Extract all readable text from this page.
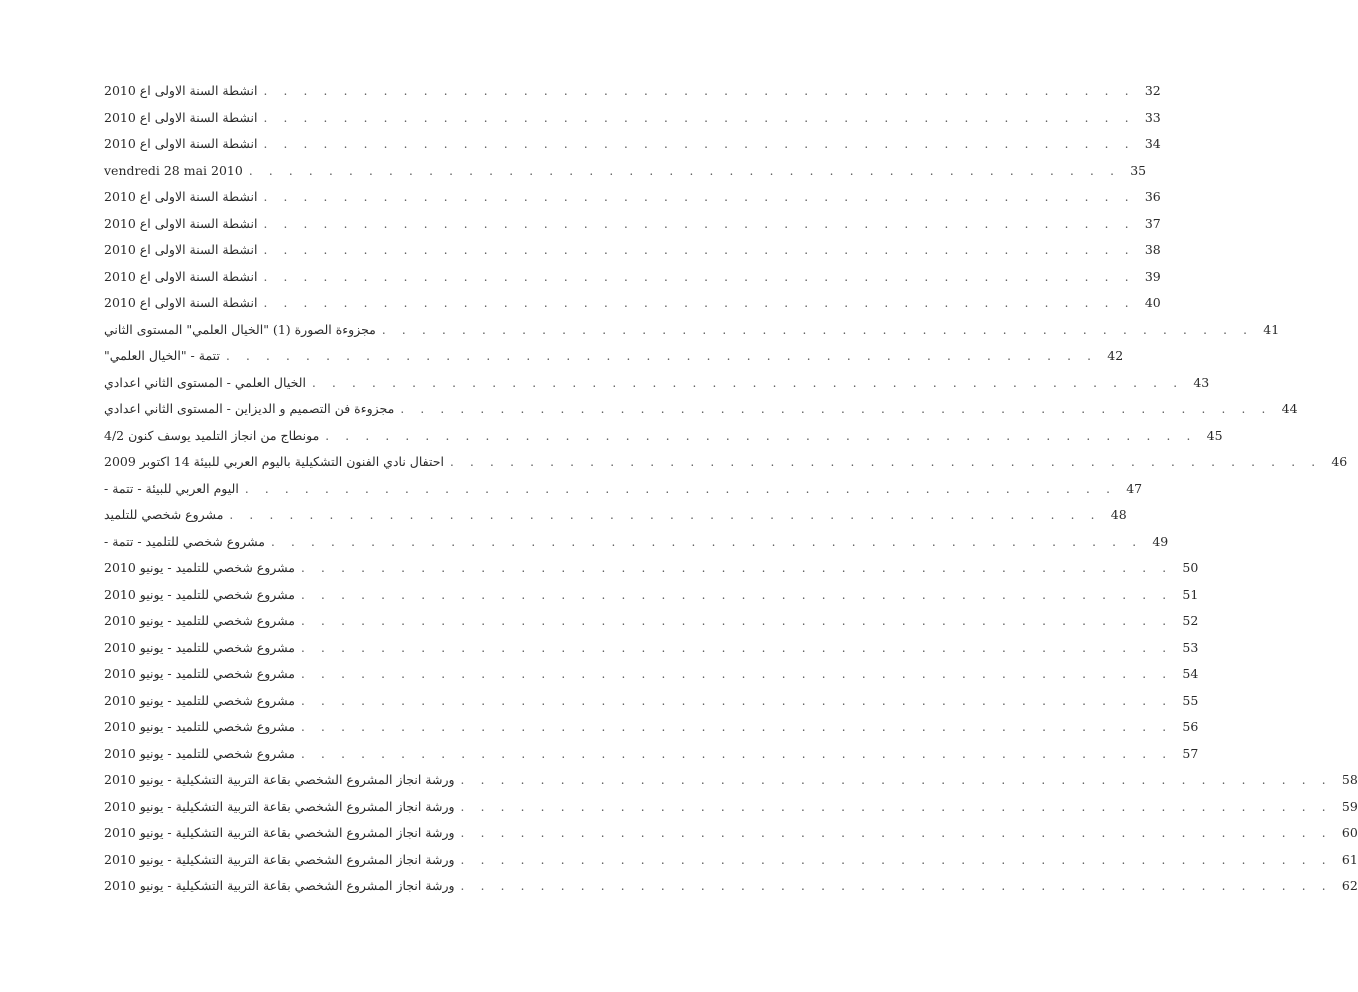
انشطة السنة الاولى اع 2010 . . . . . . . . . . . . . . . . . . . . . . . . . . . . . . . . . . . . . . . . . . . . 32
انشطة السنة الاولى اع 2010 . . . . . . . . . . . . . . . . . . . . . . . . . . . . . . . . . . . . . . . . . . . . 33
انشطة السنة الاولى اع 2010 . . . . . . . . . . . . . . . . . . . . . . . . . . . . . . . . . . . . . . . . . . . . 34
vendredi 28 mai 2010 . . . . . . . . . . . . . . . . . . . . . . . . . . . . . . . . . . . . . . . . . . . . 35
انشطة السنة الاولى اع 2010 . . . . . . . . . . . . . . . . . . . . . . . . . . . . . . . . . . . . . . . . . . . . 36
انشطة السنة الاولى اع 2010 . . . . . . . . . . . . . . . . . . . . . . . . . . . . . . . . . . . . . . . . . . . . 37
انشطة السنة الاولى اع 2010 . . . . . . . . . . . . . . . . . . . . . . . . . . . . . . . . . . . . . . . . . . . . 38
انشطة السنة الاولى اع 2010 . . . . . . . . . . . . . . . . . . . . . . . . . . . . . . . . . . . . . . . . . . . . 39
انشطة السنة الاولى اع 2010 . . . . . . . . . . . . . . . . . . . . . . . . . . . . . . . . . . . . . . . . . . . . 40
مجزوءة الصورة (1) "الخيال العلمي" المستوى الثاني . . . . . . . . . . . . . . . . . . . . . . . . . . . . . . . . . . . . . . . . . . . . 41
تتمة - "الخيال العلمي" . . . . . . . . . . . . . . . . . . . . . . . . . . . . . . . . . . . . . . . . . . . . 42
الخيال العلمي - المستوى الثاني اعدادي . . . . . . . . . . . . . . . . . . . . . . . . . . . . . . . . . . . . . . . . . . . . 43
مجزوءة فن التصميم و الديزاين - المستوى الثاني اعدادي . . . . . . . . . . . . . . . . . . . . . . . . . . . . . . . . . . . . . . . . . . . . 44
مونطاج من انجاز التلميد يوسف كنون 4/2 . . . . . . . . . . . . . . . . . . . . . . . . . . . . . . . . . . . . . . . . . . . . 45
احتفال نادي الفنون التشكيلية باليوم العربي للبيئة 14 اكتوبر 2009 . . . . . . . . . . . . . . . . . . . . . . . . . . . . . . . . . . . . . . . . . . . . 46
اليوم العربي للبيئة - تتمة - . . . . . . . . . . . . . . . . . . . . . . . . . . . . . . . . . . . . . . . . . . . . 47
مشروع شخصي للتلميد . . . . . . . . . . . . . . . . . . . . . . . . . . . . . . . . . . . . . . . . . . . . 48
مشروع شخصي للتلميد - تتمة - . . . . . . . . . . . . . . . . . . . . . . . . . . . . . . . . . . . . . . . . . . . . 49
مشروع شخصي للتلميد - يونيو 2010 . . . . . . . . . . . . . . . . . . . . . . . . . . . . . . . . . . . . . . . . . . . . 50
مشروع شخصي للتلميد - يونيو 2010 . . . . . . . . . . . . . . . . . . . . . . . . . . . . . . . . . . . . . . . . . . . . 51
مشروع شخصي للتلميد - يونيو 2010 . . . . . . . . . . . . . . . . . . . . . . . . . . . . . . . . . . . . . . . . . . . . 52
مشروع شخصي للتلميد - يونيو 2010 . . . . . . . . . . . . . . . . . . . . . . . . . . . . . . . . . . . . . . . . . . . . 53
مشروع شخصي للتلميد - يونيو 2010 . . . . . . . . . . . . . . . . . . . . . . . . . . . . . . . . . . . . . . . . . . . . 54
مشروع شخصي للتلميد - يونيو 2010 . . . . . . . . . . . . . . . . . . . . . . . . . . . . . . . . . . . . . . . . . . . . 55
مشروع شخصي للتلميد - يونيو 2010 . . . . . . . . . . . . . . . . . . . . . . . . . . . . . . . . . . . . . . . . . . . . 56
مشروع شخصي للتلميد - يونيو 2010 . . . . . . . . . . . . . . . . . . . . . . . . . . . . . . . . . . . . . . . . . . . . 57
ورشة انجاز المشروع الشخصي بقاعة التربية التشكيلية - يونيو 2010 . . . . . . . . . . . . . . . . . . . . . . . . . . . . . . . . . . . . . . . . . . . . 58
ورشة انجاز المشروع الشخصي بقاعة التربية التشكيلية - يونيو 2010 . . . . . . . . . . . . . . . . . . . . . . . . . . . . . . . . . . . . . . . . . . . . 59
ورشة انجاز المشروع الشخصي بقاعة التربية التشكيلية - يونيو 2010 . . . . . . . . . . . . . . . . . . . . . . . . . . . . . . . . . . . . . . . . . . . . 60
ورشة انجاز المشروع الشخصي بقاعة التربية التشكيلية - يونيو 2010 . . . . . . . . . . . . . . . . . . . . . . . . . . . . . . . . . . . . . . . . . . . . 61
ورشة انجاز المشروع الشخصي بقاعة التربية التشكيلية - يونيو 2010 . . . . . . . . . . . . . . . . . . . . . . . . . . . . . . . . . . . . . . . . . . . . 62
